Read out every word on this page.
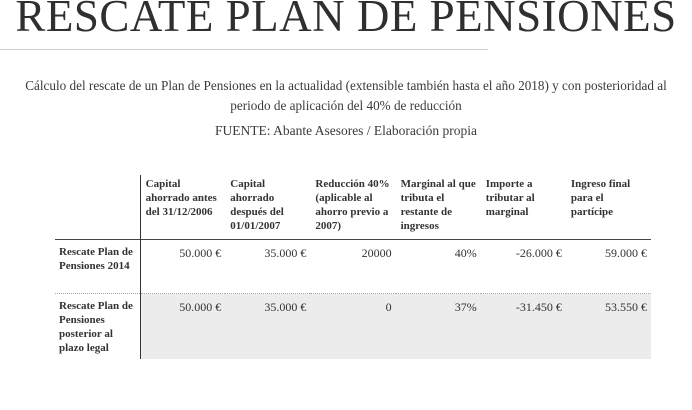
RESCATE PLAN DE PENSIONES
Cálculo del rescate de un Plan de Pensiones en la actualidad (extensible también hasta el año 2018) y con posterioridad al periodo de aplicación del 40% de reducción
FUENTE: Abante Asesores / Elaboración propia
	Capital ahorrado antes del 31/12/2006	Capital ahorrado después del 01/01/2007	Reducción 40% (aplicable al ahorro previo a 2007)	Marginal al que tributa el restante de ingresos	Importe a tributar al marginal	Ingreso final para el partícipe
Rescate Plan de Pensiones 2014	50.000 €	35.000 €	20000	40%	-26.000 €	59.000 €
Rescate Plan de Pensiones posterior al plazo legal	50.000 €	35.000 €	0	37%	-31.450 €	53.550 €
